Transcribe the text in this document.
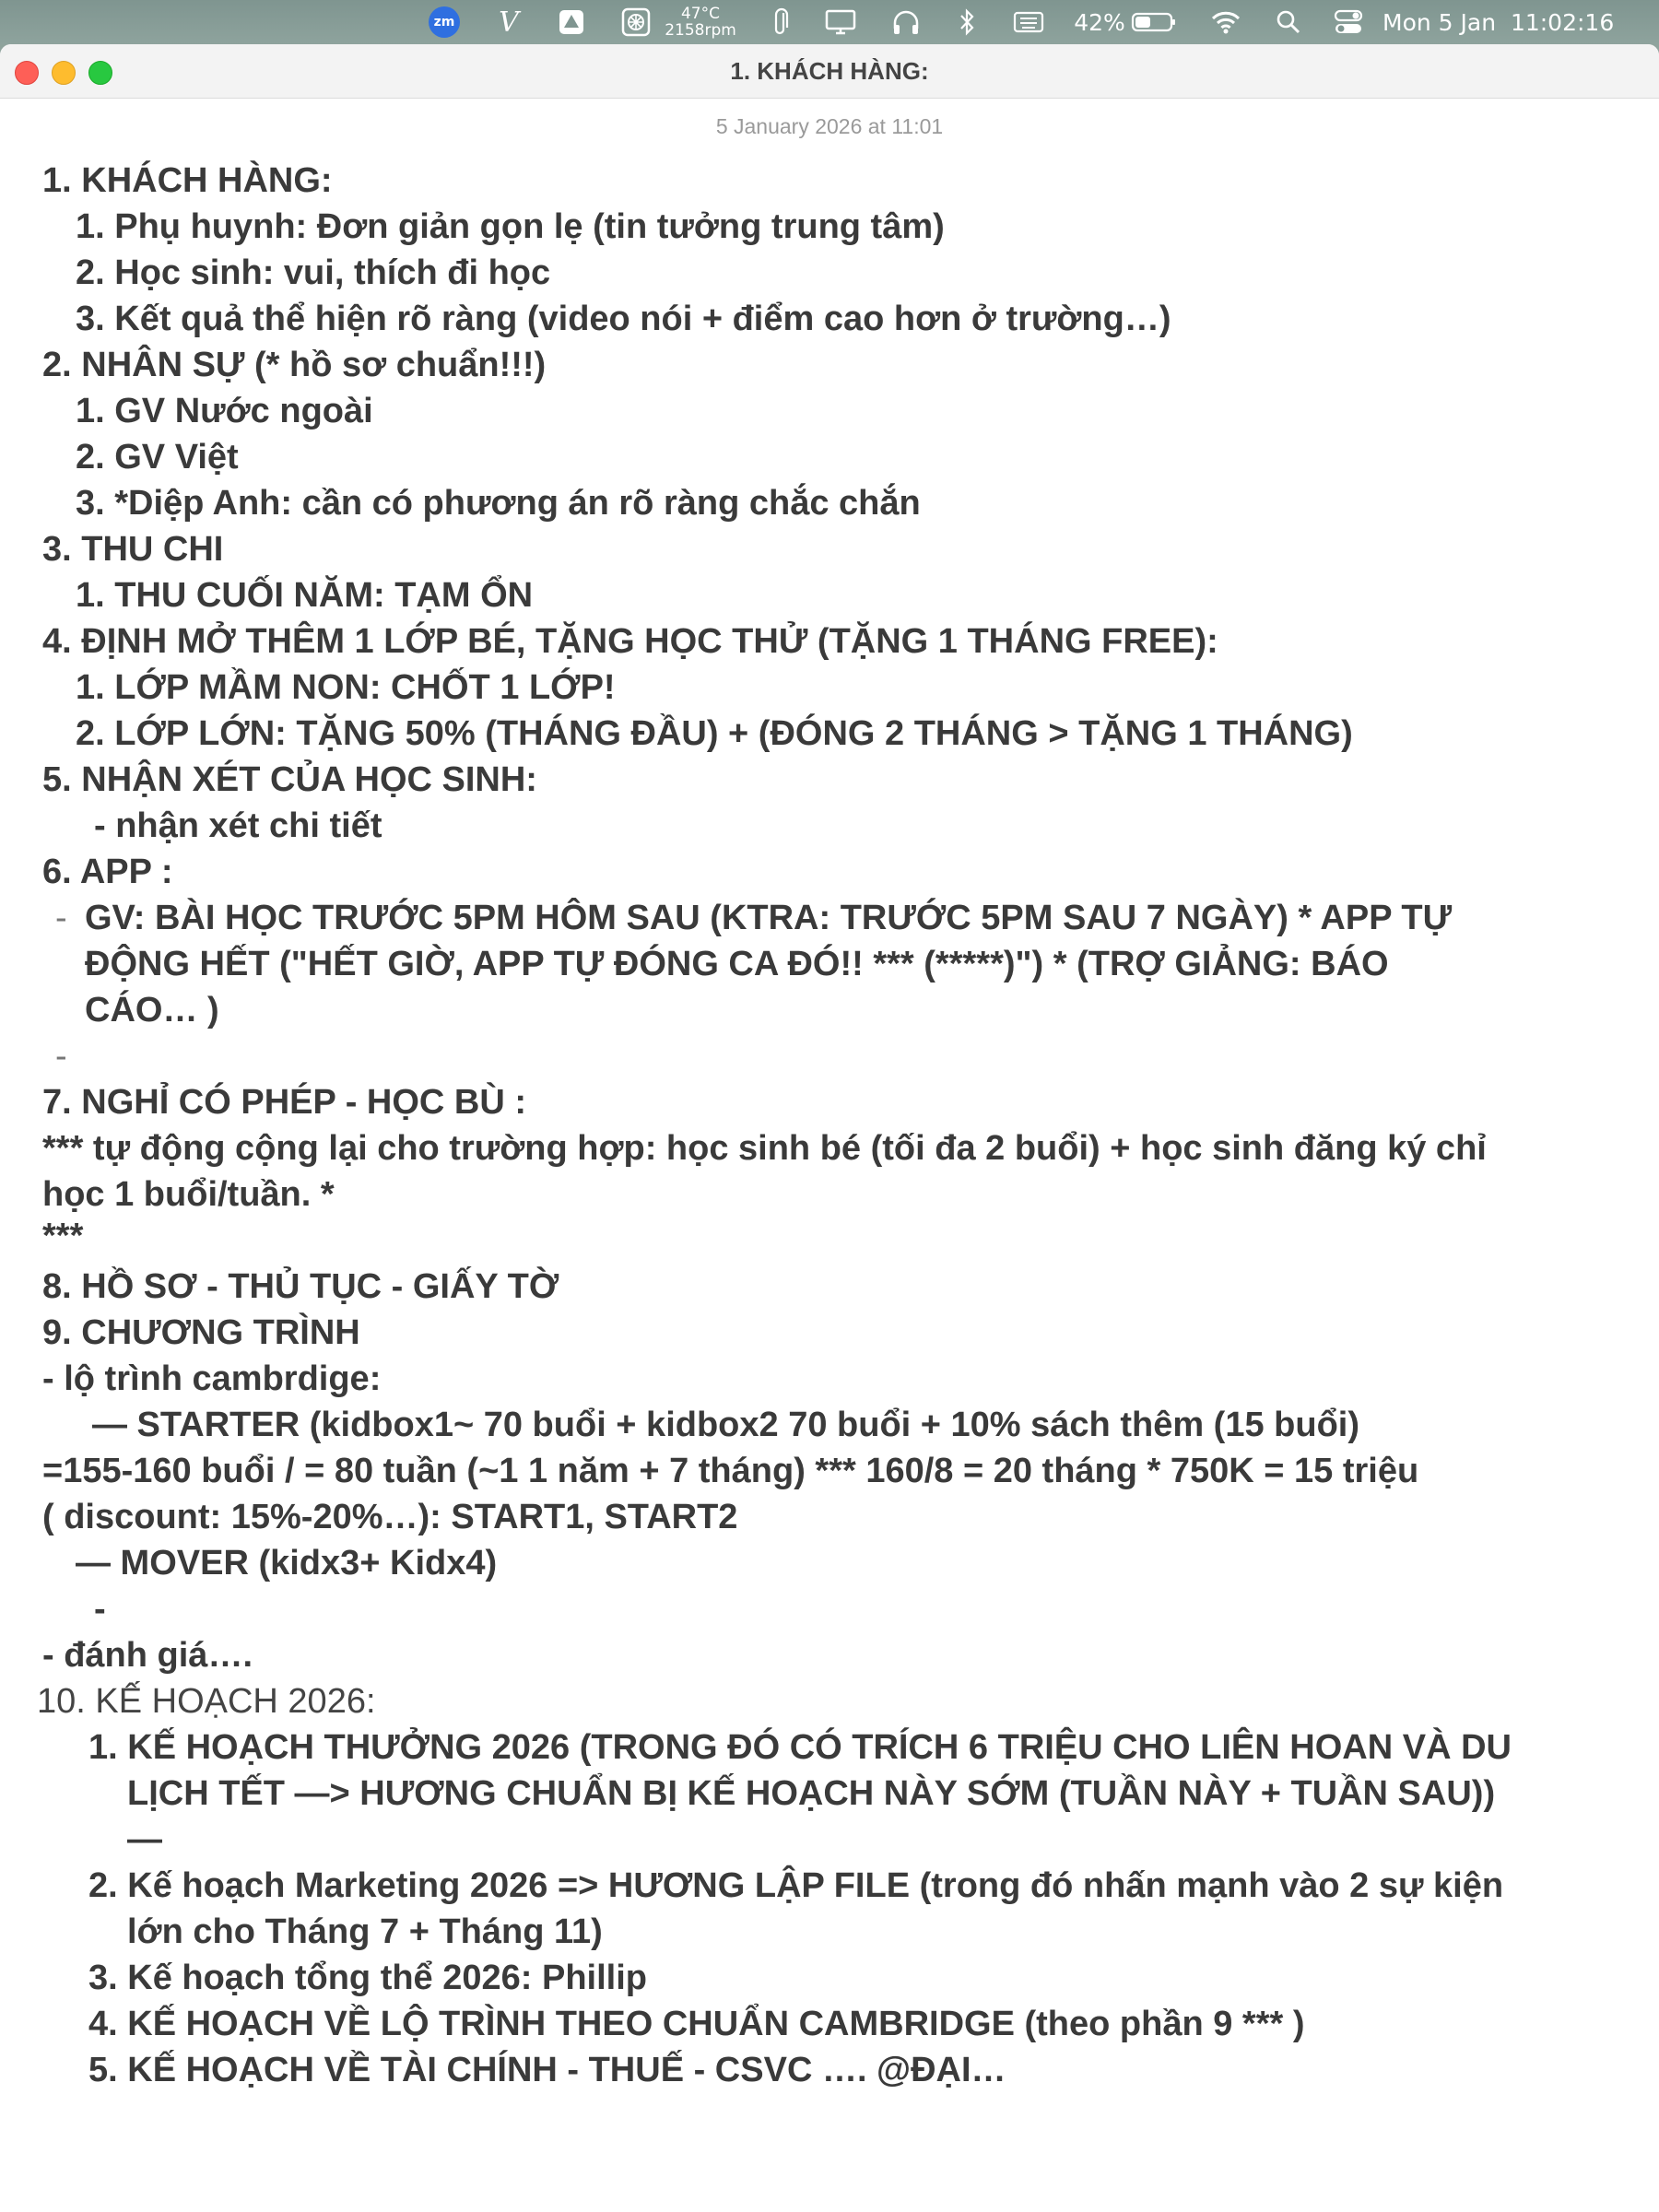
zm V	47°C
2158rpm	42%	Mon 5 Jan  11:02:16
1. KHÁCH HÀNG:
5 January 2026 at 11:01
1. KHÁCH HÀNG:
1. Phụ huynh: Đơn giản gọn lẹ (tin tưởng trung tâm)
2. Học sinh: vui, thích đi học
3. Kết quả thể hiện rõ ràng (video nói + điểm cao hơn ở trường…)
2. NHÂN SỰ (* hồ sơ chuẩn!!!)
1. GV Nước ngoài
2. GV Việt
3. *Diệp Anh: cần có phương án rõ ràng chắc chắn
3. THU CHI
1. THU CUỐI NĂM: TẠM ỔN
4. ĐỊNH MỞ THÊM 1 LỚP BÉ, TẶNG HỌC THỬ (TẶNG 1 THÁNG FREE):
1. LỚP MẦM NON: CHỐT 1 LỚP!
2. LỚP LỚN: TẶNG 50% (THÁNG ĐẦU) + (ĐÓNG 2 THÁNG > TẶNG 1 THÁNG)
5. NHẬN XÉT CỦA HỌC SINH:
- nhận xét chi tiết
6. APP :
- GV: BÀI HỌC TRƯỚC 5PM HÔM SAU (KTRA: TRƯỚC 5PM SAU 7 NGÀY) * APP TỰ
ĐỘNG HẾT ("HẾT GIỜ, APP TỰ ĐÓNG CA ĐÓ!! *** (*****)") * (TRỢ GIẢNG: BÁO
CÁO… )
-
7. NGHỈ CÓ PHÉP - HỌC BÙ :
*** tự động cộng lại cho trường hợp: học sinh bé (tối đa 2 buổi) + học sinh đăng ký chỉ
học 1 buổi/tuần. *
***
8. HỒ SƠ - THỦ TỤC - GIẤY TỜ
9. CHƯƠNG TRÌNH
- lộ trình cambrdige:
— STARTER (kidbox1~ 70 buổi + kidbox2 70 buổi + 10% sách thêm (15 buổi)
=155-160 buổi / = 80 tuần (~1 1 năm + 7 tháng) *** 160/8 = 20 tháng * 750K = 15 triệu
( discount: 15%-20%…): START1, START2
— MOVER (kidx3+ Kidx4)
-
- đánh giá….
10. KẾ HOẠCH 2026:
1. KẾ HOẠCH THƯỞNG 2026 (TRONG ĐÓ CÓ TRÍCH 6 TRIỆU CHO LIÊN HOAN VÀ DU
LỊCH TẾT —> HƯƠNG CHUẨN BỊ KẾ HOẠCH NÀY SỚM (TUẦN NÀY + TUẦN SAU))
—
2. Kế hoạch Marketing 2026 => HƯƠNG LẬP FILE (trong đó nhấn mạnh vào 2 sự kiện
lớn cho Tháng 7 + Tháng 11)
3. Kế hoạch tổng thể 2026: Phillip
4. KẾ HOẠCH VỀ LỘ TRÌNH THEO CHUẨN CAMBRIDGE (theo phần 9 *** )
5. KẾ HOẠCH VỀ TÀI CHÍNH - THUẾ - CSVC …. @ĐẠI…
